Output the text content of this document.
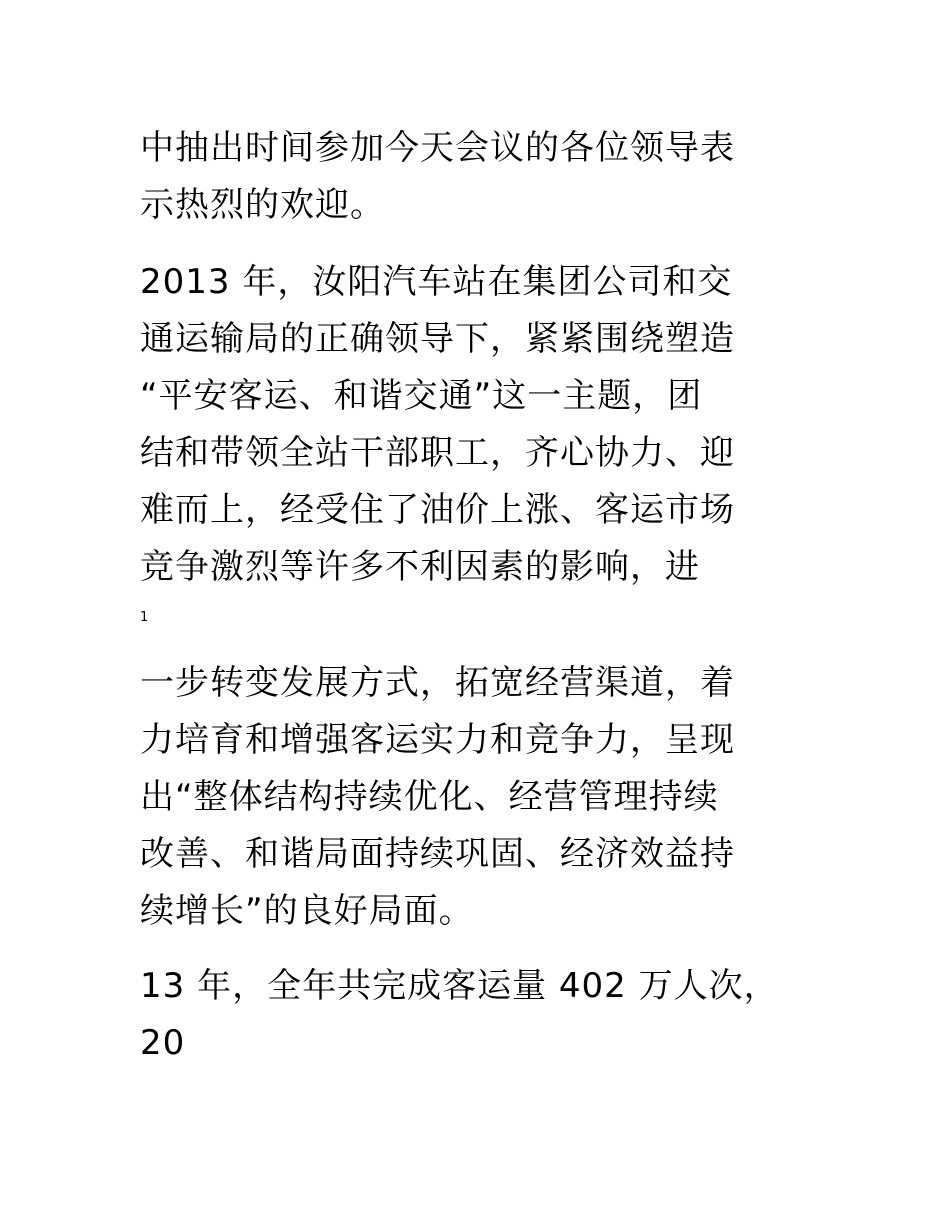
中抽出时间参加今天会议的各位领导表
示热烈的欢迎。
2013 年，汝阳汽车站在集团公司和交
通运输局的正确领导下，紧紧围绕塑造
“平安客运、和谐交通”这一主题，团
结和带领全站干部职工，齐心协力、迎
难而上，经受住了油价上涨、客运市场
竞争激烈等许多不利因素的影响，进
1
一步转变发展方式，拓宽经营渠道，着
力培育和增强客运实力和竞争力，呈现
出“整体结构持续优化、经营管理持续
改善、和谐局面持续巩固、经济效益持
续增长”的良好局面。
13 年，全年共完成客运量 402 万人次，
20
